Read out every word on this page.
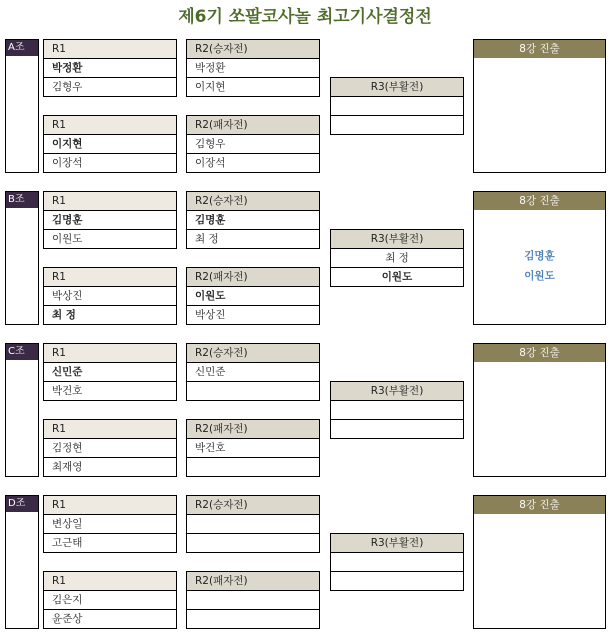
제6기 쏘팔코사놀 최고기사결정전
A조	R1
박정환
김형우
R1
이지현
이장석
R2(승자전)
박정환
이지현
R2(패자전)
김형우
이장석
R3(부활전)
8강 진출
B조	R1
김명훈
이원도
R1
박상진
최 정
R2(승자전)
김명훈
최 정
R2(패자전)
이원도
박상진
R3(부활전)
최 정
이원도
8강 진출
김명훈
이원도
C조	R1
신민준
박건호
R1
김정현
최재영
R2(승자전)
신민준
R2(패자전)
박건호
R3(부활전)
8강 진출
D조	R1
변상일
고근태
R1
김은지
윤준상
R2(승자전)
R2(패자전)
R3(부활전)
8강 진출
